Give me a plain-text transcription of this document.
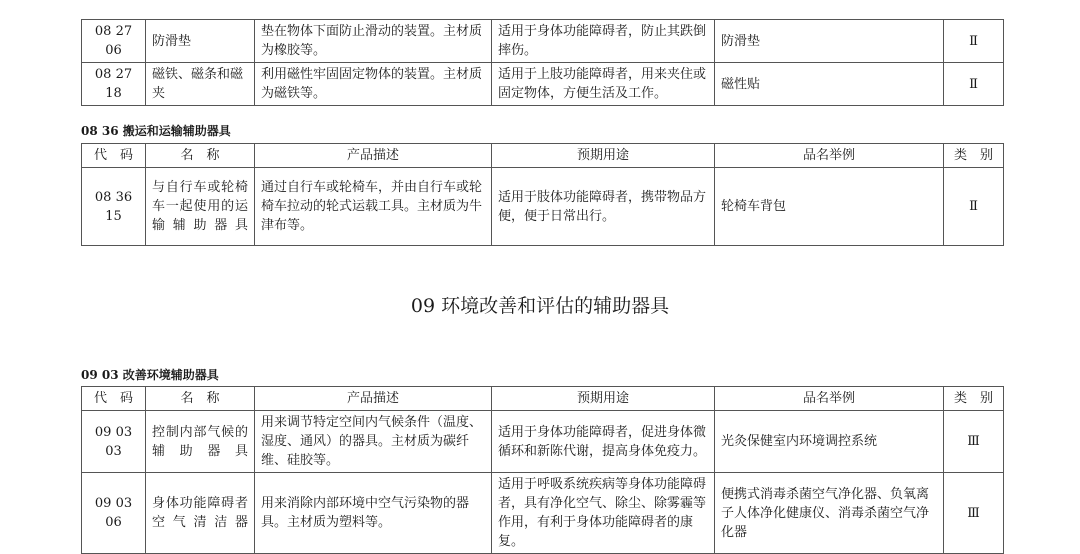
08 27 06	防滑垫	垫在物体下面防止滑动的装置。主材质为橡胶等。	适用于身体功能障碍者，防止其跌倒摔伤。	防滑垫	Ⅱ
08 27 18	磁铁、磁条和磁夹	利用磁性牢固固定物体的装置。主材质为磁铁等。	适用于上肢功能障碍者，用来夹住或固定物体，方便生活及工作。	磁性贴	Ⅱ
08 36 搬运和运输辅助器具
代　码	名　称	产品描述	预期用途	品名举例	类　别
08 36 15	与自行车或轮椅车一起使用的运输辅助器具	通过自行车或轮椅车，并由自行车或轮椅车拉动的轮式运载工具。主材质为牛津布等。	适用于肢体功能障碍者，携带物品方便，便于日常出行。	轮椅车背包	Ⅱ
09 环境改善和评估的辅助器具
09 03 改善环境辅助器具
代　码	名　称	产品描述	预期用途	品名举例	类　别
09 03 03	控制内部气候的辅助器具	用来调节特定空间内气候条件（温度、湿度、通风）的器具。主材质为碳纤维、硅胶等。	适用于身体功能障碍者，促进身体微循环和新陈代谢，提高身体免疫力。	光灸保健室内环境调控系统	Ⅲ
09 03 06	身体功能障碍者空气清洁器	用来消除内部环境中空气污染物的器具。主材质为塑料等。	适用于呼吸系统疾病等身体功能障碍者，具有净化空气、除尘、除雾霾等作用，有利于身体功能障碍者的康复。	便携式消毒杀菌空气净化器、负氧离子人体净化健康仪、消毒杀菌空气净化器	Ⅲ
